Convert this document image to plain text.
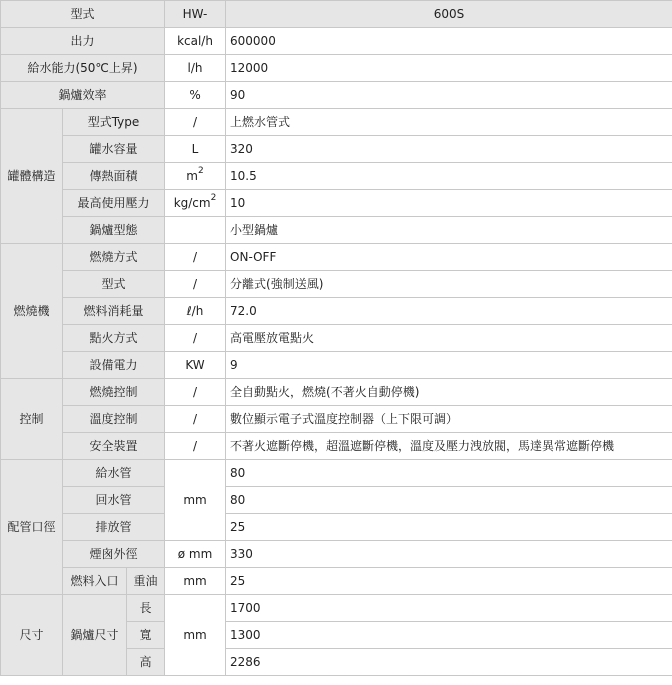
型式			HW-	600S
出力			kcal/h	600000
給水能力(50℃上昇)			l/h	12000
鍋爐效率			%	90
罐體構造	型式Type		/	上燃水管式
	罐水容量		L	320
	傳熱面積		$m^2$	10.5
	最高使用壓力		$kg/cm^2$	10
	鍋爐型態			小型鍋爐
燃燒機	燃燒方式		/	ON-OFF
	型式		/	分離式(強制送風)
	燃料消耗量		ℓ/h	72.0
	點火方式		/	高電壓放電點火
	設備電力		KW	9
控制	燃燒控制		/	全自動點火，燃燒(不著火自動停機)
	溫度控制		/	數位顯示電子式溫度控制器（上下限可調）
	安全裝置		/	不著火遮斷停機，超溫遮斷停機，溫度及壓力洩放閥，馬達異常遮斷停機
配管口徑	給水管		mm	80
	回水管			80
	排放管			25
	煙囪外徑		ø mm	330
	燃料入口	重油	mm	25
尺寸	鍋爐尺寸	長	mm	1700
		寬		1300
		高		2286
